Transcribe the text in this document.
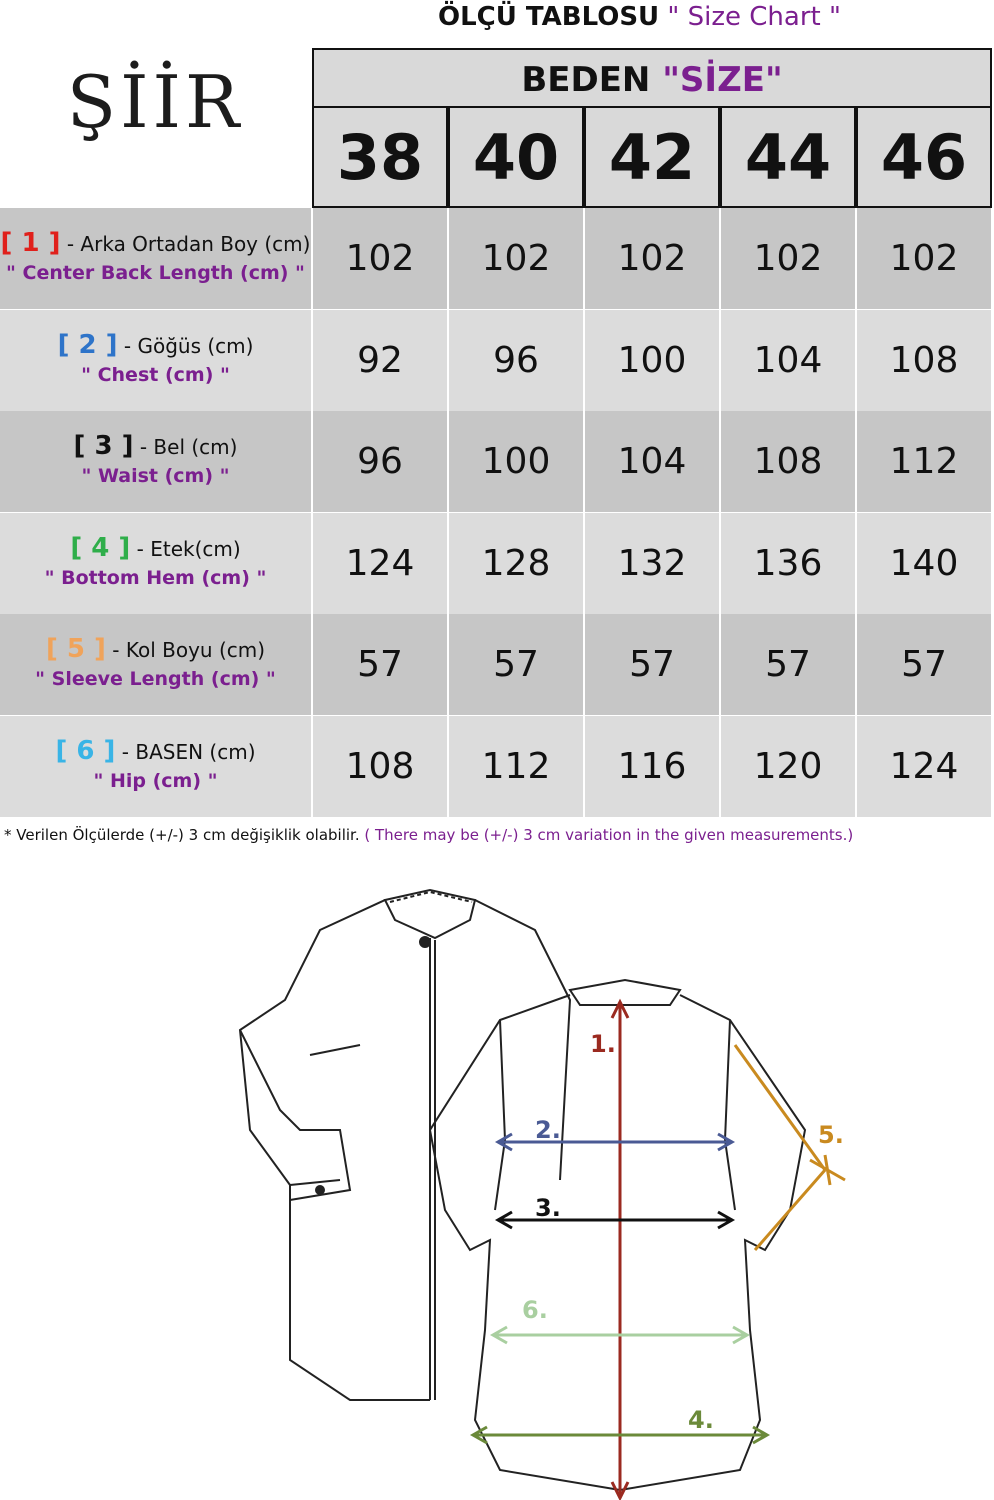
ÖLÇÜ TABLOSU " Size Chart "
ŞİİR	BEDEN "SİZE"
38 40 42 44 46
[ 1 ] - Arka Ortadan Boy (cm)
" Center Back Length (cm) "	102	102	102	102	102
[ 2 ] - Göğüs (cm)
" Chest (cm) "	92	96	100	104	108
[ 3 ] - Bel (cm)
" Waist (cm) "	96	100	104	108	112
[ 4 ] - Etek(cm)
" Bottom Hem (cm) "	124	128	132	136	140
[ 5 ] - Kol Boyu (cm)
" Sleeve Length (cm) "	57	57	57	57	57
[ 6 ] - BASEN (cm)
" Hip (cm) "	108	112	116	120	124
* Verilen Ölçülerde (+/-) 3 cm değişiklik olabilir. ( There may be (+/-) 3 cm variation in the given measurements.)
1.
2.
3.
4.
5.
6.
